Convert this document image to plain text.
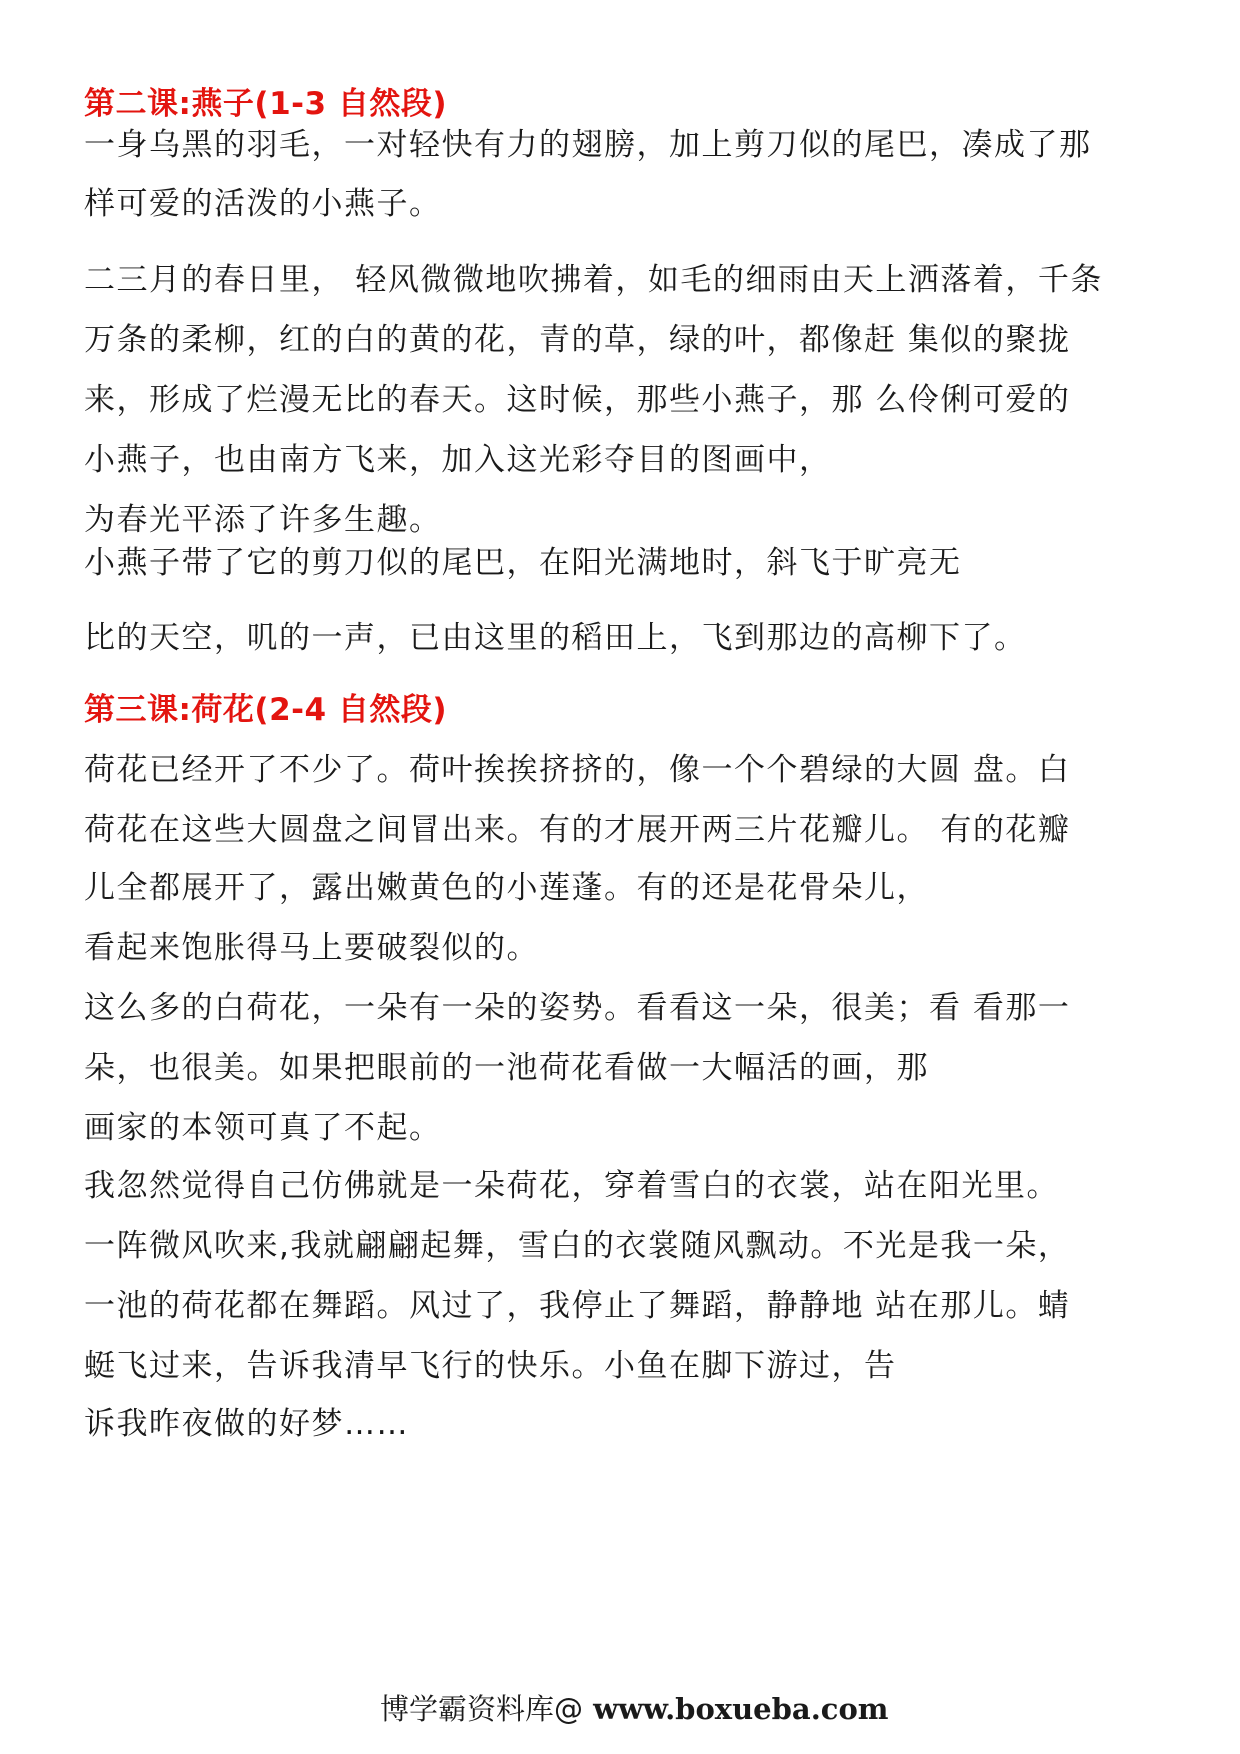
第二课:燕子(1-3 自然段)
一身乌黑的羽毛，一对轻快有力的翅膀，加上剪刀似的尾巴，凑成了那
样可爱的活泼的小燕子。
二三月的春日里， 轻风微微地吹拂着，如毛的细雨由天上洒落着，千条
万条的柔柳，红的白的黄的花，青的草，绿的叶，都像赶 集似的聚拢
来，形成了烂漫无比的春天。这时候，那些小燕子，那 么伶俐可爱的
小燕子，也由南方飞来，加入这光彩夺目的图画中，
为春光平添了许多生趣。
小燕子带了它的剪刀似的尾巴，在阳光满地时，斜飞于旷亮无
比的天空，叽的一声，已由这里的稻田上，飞到那边的高柳下了。
第三课:荷花(2-4 自然段)
荷花已经开了不少了。荷叶挨挨挤挤的，像一个个碧绿的大圆 盘。白
荷花在这些大圆盘之间冒出来。有的才展开两三片花瓣儿。 有的花瓣
儿全都展开了，露出嫩黄色的小莲蓬。有的还是花骨朵儿，
看起来饱胀得马上要破裂似的。
这么多的白荷花，一朵有一朵的姿势。看看这一朵，很美；看 看那一
朵，也很美。如果把眼前的一池荷花看做一大幅活的画，那
画家的本领可真了不起。
我忽然觉得自己仿佛就是一朵荷花，穿着雪白的衣裳，站在阳光里。
一阵微风吹来,我就翩翩起舞，雪白的衣裳随风飘动。不光是我一朵，
一池的荷花都在舞蹈。风过了，我停止了舞蹈，静静地 站在那儿。蜻
蜓飞过来，告诉我清早飞行的快乐。小鱼在脚下游过，告
诉我昨夜做的好梦……
博学霸资料库@ www.boxueba.com
